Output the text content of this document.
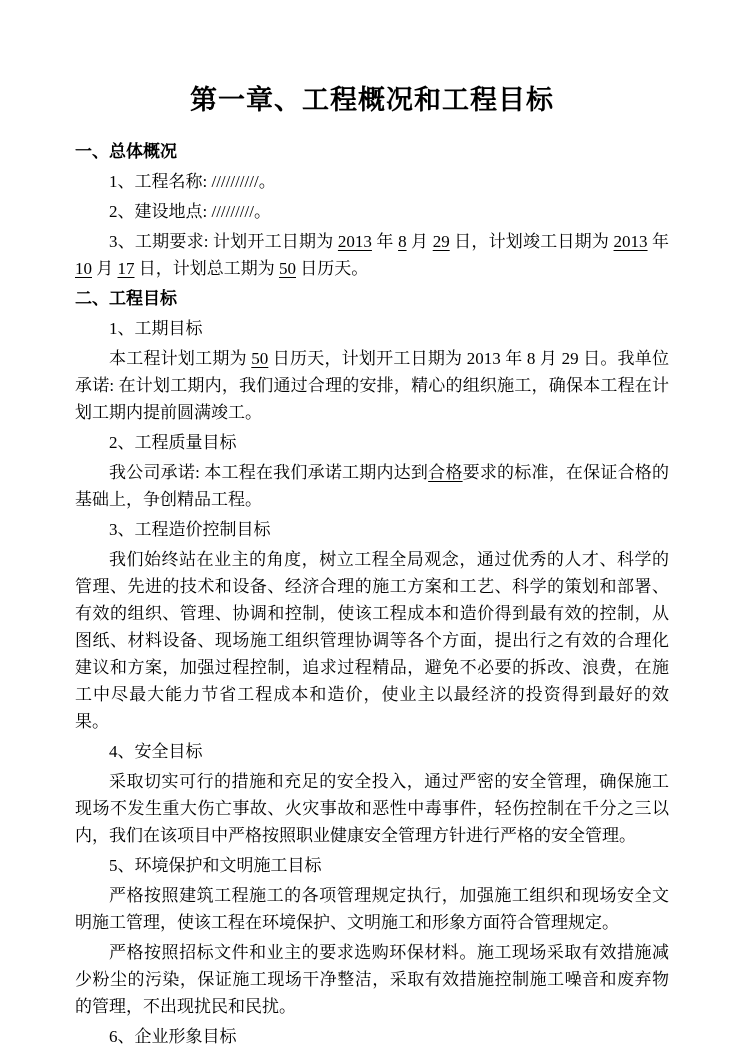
第一章、工程概况和工程目标

一、总体概况

1、工程名称: //////////。

2、建设地点: /////////。

3、工期要求: 计划开工日期为 2013 年 8 月 29 日，计划竣工日期为 2013 年 10 月 17 日，计划总工期为 50 日历天。

二、工程目标

1、工期目标

本工程计划工期为 50 日历天，计划开工日期为 2013 年 8 月 29 日。我单位承诺: 在计划工期内，我们通过合理的安排，精心的组织施工，确保本工程在计划工期内提前圆满竣工。

2、工程质量目标

我公司承诺: 本工程在我们承诺工期内达到合格要求的标准，在保证合格的基础上，争创精品工程。

3、工程造价控制目标

我们始终站在业主的角度，树立工程全局观念，通过优秀的人才、科学的管理、先进的技术和设备、经济合理的施工方案和工艺、科学的策划和部署、有效的组织、管理、协调和控制，使该工程成本和造价得到最有效的控制，从图纸、材料设备、现场施工组织管理协调等各个方面，提出行之有效的合理化建议和方案，加强过程控制，追求过程精品，避免不必要的拆改、浪费，在施工中尽最大能力节省工程成本和造价，使业主以最经济的投资得到最好的效果。

4、安全目标

采取切实可行的措施和充足的安全投入，通过严密的安全管理，确保施工现场不发生重大伤亡事故、火灾事故和恶性中毒事件，轻伤控制在千分之三以内，我们在该项目中严格按照职业健康安全管理方针进行严格的安全管理。

5、环境保护和文明施工目标

严格按照建筑工程施工的各项管理规定执行，加强施工组织和现场安全文明施工管理，使该工程在环境保护、文明施工和形象方面符合管理规定。

严格按照招标文件和业主的要求选购环保材料。施工现场采取有效措施减少粉尘的污染，保证施工现场干净整洁，采取有效措施控制施工噪音和废弃物的管理，不出现扰民和民扰。

6、企业形象目标
